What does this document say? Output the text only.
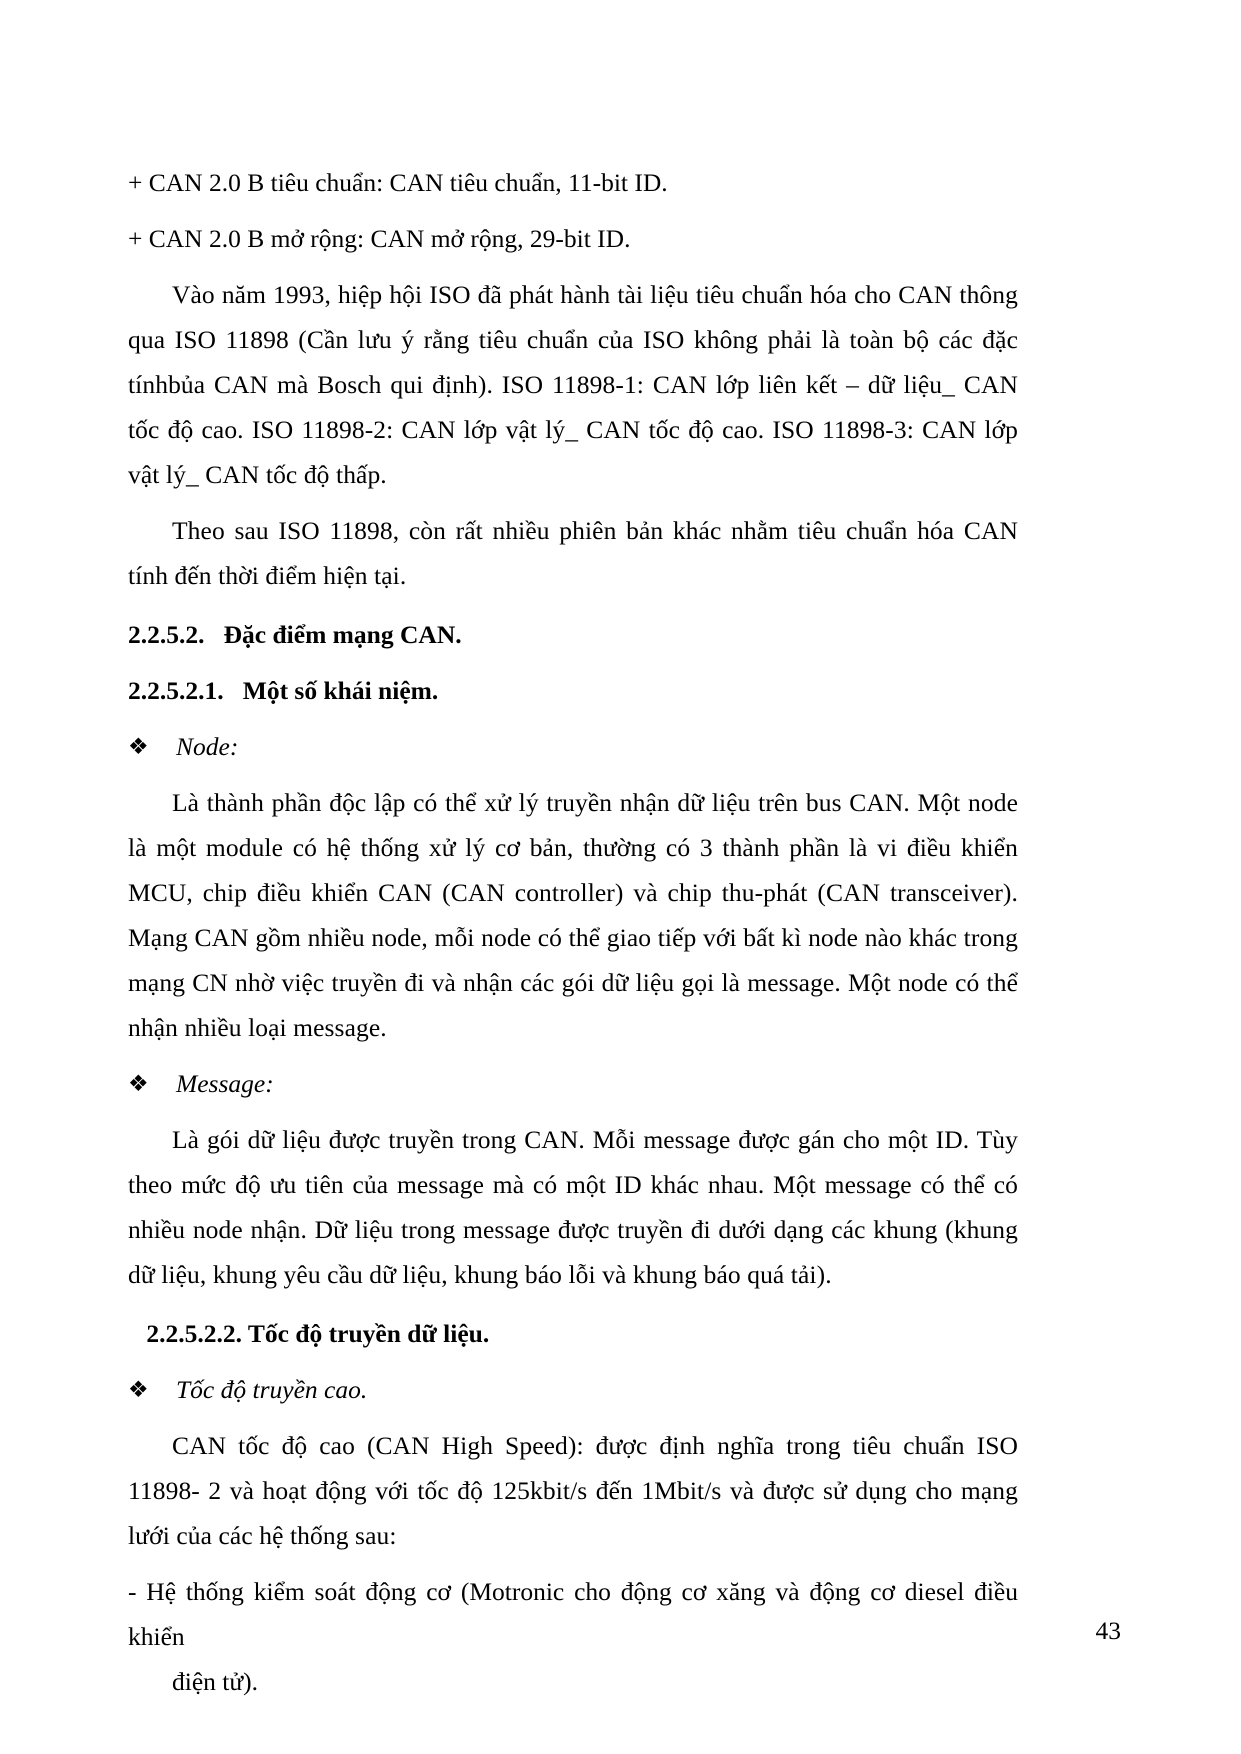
+ CAN 2.0 B tiêu chuẩn: CAN tiêu chuẩn, 11-bit ID.

+ CAN 2.0 B mở rộng: CAN mở rộng, 29-bit ID.

Vào năm 1993, hiệp hội ISO đã phát hành tài liệu tiêu chuẩn hóa cho CAN thông qua ISO 11898 (Cần lưu ý rằng tiêu chuẩn của ISO không phải là toàn bộ các đặc tínhbủa CAN mà Bosch qui định). ISO 11898-1: CAN lớp liên kết – dữ liệu_ CAN tốc độ cao. ISO 11898-2: CAN lớp vật lý_ CAN tốc độ cao. ISO 11898-3: CAN lớp vật lý_ CAN tốc độ thấp.

Theo sau ISO 11898, còn rất nhiều phiên bản khác nhằm tiêu chuẩn hóa CAN tính đến thời điểm hiện tại.

2.2.5.2.   Đặc điểm mạng CAN.

2.2.5.2.1.   Một số khái niệm.

❖ Node:

Là thành phần độc lập có thể xử lý truyền nhận dữ liệu trên bus CAN. Một node là một module có hệ thống xử lý cơ bản, thường có 3 thành phần là vi điều khiển MCU, chip điều khiển CAN (CAN controller) và chip thu-phát (CAN transceiver). Mạng CAN gồm nhiều node, mỗi node có thể giao tiếp với bất kì node nào khác trong mạng CN nhờ việc truyền đi và nhận các gói dữ liệu gọi là message. Một node có thể nhận nhiều loại message.

❖ Message:

Là gói dữ liệu được truyền trong CAN. Mỗi message được gán cho một ID. Tùy theo mức độ ưu tiên của message mà có một ID khác nhau. Một message có thể có nhiều node nhận. Dữ liệu trong message được truyền đi dưới dạng các khung (khung dữ liệu, khung yêu cầu dữ liệu, khung báo lỗi và khung báo quá tải).

2.2.5.2.2. Tốc độ truyền dữ liệu.

❖ Tốc độ truyền cao.

CAN tốc độ cao (CAN High Speed): được định nghĩa trong tiêu chuẩn ISO 11898- 2 và hoạt động với tốc độ 125kbit/s đến 1Mbit/s và được sử dụng cho mạng lưới của các hệ thống sau:

- Hệ thống kiểm soát động cơ (Motronic cho động cơ xăng và động cơ diesel điều khiển

điện tử).

43
